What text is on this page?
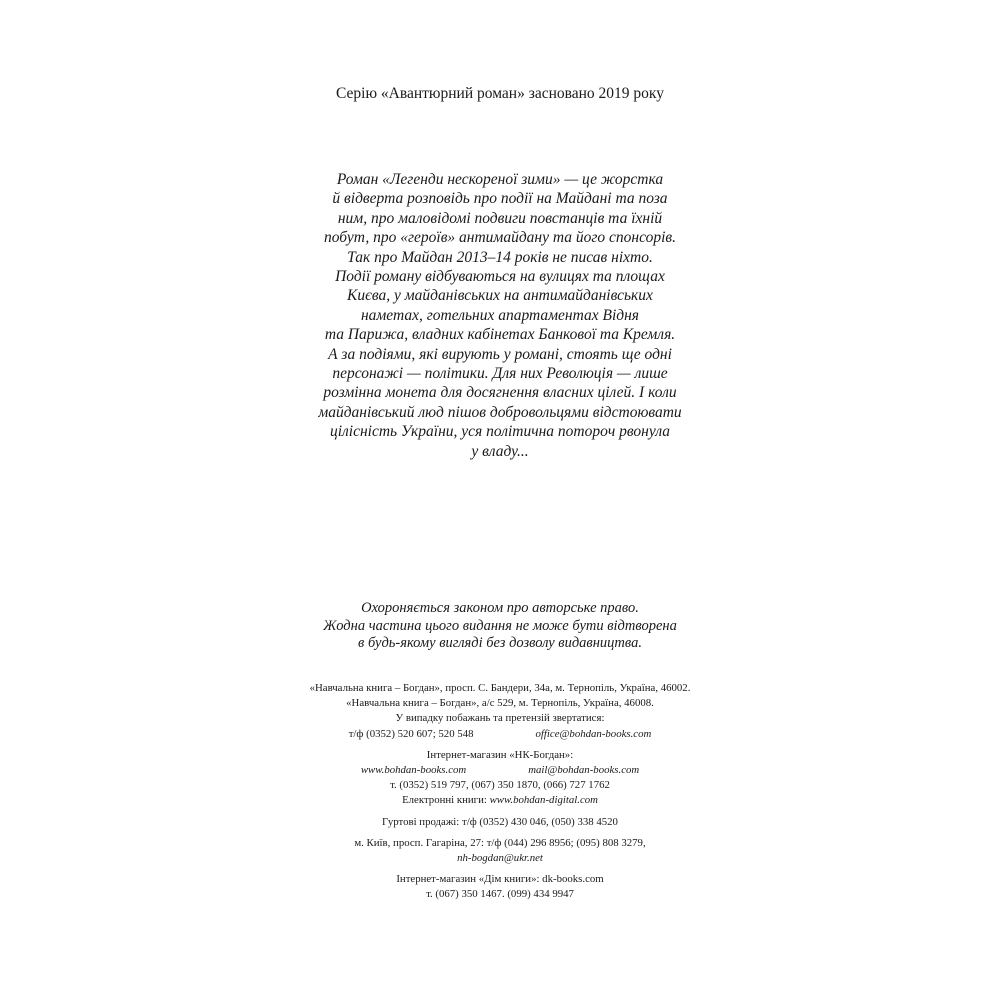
Серію «Авантюрний роман» засновано 2019 року
Роман «Легенди нескореної зими» — це жорстка
й відверта розповідь про події на Майдані та поза
ним, про маловідомі подвиги повстанців та їхній
побут, про «героїв» антимайдану та його спонсорів.
Так про Майдан 2013–14 років не писав ніхто.
Події роману відбуваються на вулицях та площах
Києва, у майданівських на антимайданівських
наметах, готельних апартаментах Відня
та Парижа, владних кабінетах Банкової та Кремля.
А за подіями, які вирують у романі, стоять ще одні
персонажі — політики. Для них Революція — лише
розмінна монета для досягнення власних цілей. І коли
майданівський люд пішов добровольцями відстоювати
цілісність України, уся політична поторoч рвонула
у владу...
Охороняється законом про авторське право.
Жодна частина цього видання не може бути відтворена
в будь-якому вигляді без дозволу видавництва.
«Навчальна книга – Богдан», просп. С. Бандери, 34а, м. Тернопіль, Україна, 46002.
«Навчальна книга – Богдан», а/с 529, м. Тернопіль, Україна, 46008.
У випадку побажань та претензій звертатися:
т/ф (0352) 520 607; 520 548	office@bohdan-books.com
Інтернет-магазин «НК-Богдан»:
www.bohdan-books.com	mail@bohdan-books.com
т. (0352) 519 797, (067) 350 1870, (066) 727 1762
Електронні книги: www.bohdan-digital.com
Гуртові продажі: т/ф (0352) 430 046, (050) 338 4520
м. Київ, просп. Гагаріна, 27: т/ф (044) 296 8956; (095) 808 3279,
nh-bogdan@ukr.net
Інтернет-магазин «Дім книги»: dk-books.com
т. (067) 350 1467. (099) 434 9947
